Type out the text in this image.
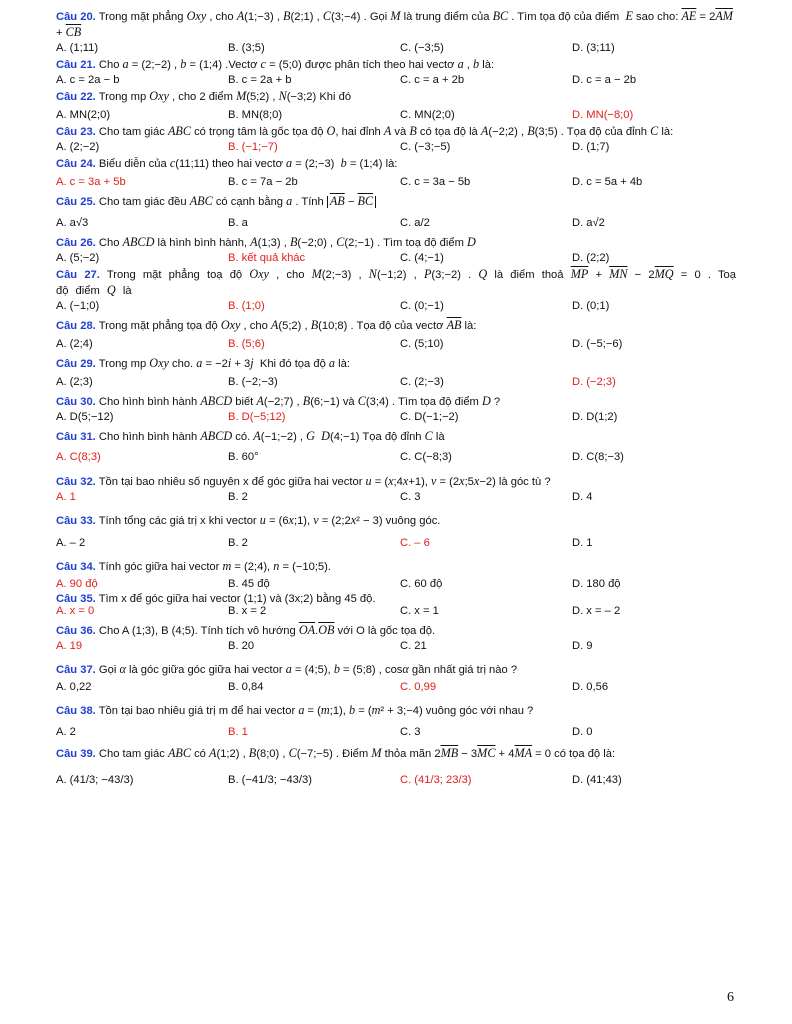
Câu 20. Trong mặt phẳng Oxy , cho A(1;−3) , B(2;1) , C(3;−4) . Gọi M là trung điểm của BC . Tìm tọa độ của điểm  E sao cho: $\overline{AE} = 2\overline{AM} + \overline{CB}$
A. (1;11)	B. (3;5)	C. (−3;5)	D. (3;11)
Câu 21. Cho a = (2;−2) , b = (1;4) .Vectơ c = (5;0) được phân tích theo hai vectơ a , b là:
A. c = 2a − b	B. c = 2a + b	C. c = a + 2b	D. c = a − 2b
Câu 22. Trong mp Oxy , cho 2 điểm M(5;2) , N(−3;2) Khi đó
A. MN(2;0)	B. MN(8;0)	C. MN(2;0)	D. MN(−8;0)
Câu 23. Cho tam giác ABC có trọng tâm là gốc tọa độ O, hai đỉnh A và B có tọa độ là A(−2;2) , B(3;5) . Tọa độ của đỉnh C là:
A. (2;−2)	B. (−1;−7)	C. (−3;−5)	D. (1;7)
Câu 24. Biểu diễn của c(11;11) theo hai vectơ a = (2;−3)  b = (1;4) là:
A. c = 3a + 5b	B. c = 7a − 2b	C. c = 3a − 5b	D. c = 5a + 4b
Câu 25. Cho tam giác đều ABC có cạnh bằng a . Tính $\overline{AB} - \overline{BC}$
A. a√3	B. a	C. a/2	D. a√2
Câu 26. Cho ABCD là hình bình hành, A(1;3) , B(−2;0) , C(2;−1) . Tìm toạ độ điểm D
A. (5;−2)	B. kết quả khác	C. (4;−1)	D. (2;2)
Câu 27. Trong mặt phẳng toạ độ Oxy , cho M(2;−3) , N(−1;2) , P(3;−2) . Q là điểm thoả $\overline{MP} + \overline{MN} - 2\overline{MQ} = 0$ . Toạ độ điểm Q là
A. (−1;0)	B. (1;0)	C. (0;−1)	D. (0;1)
Câu 28. Trong mặt phẳng tọa độ Oxy , cho A(5;2) , B(10;8) . Tọa độ của vectơ $\overline{AB}$ là:
A. (2;4)	B. (5;6)	C. (5;10)	D. (−5;−6)
Câu 29. Trong mp Oxy cho. a = −2i + 3j  Khi đó tọa độ a là:
A. (2;3)	B. (−2;−3)	C. (2;−3)	D. (−2;3)
Câu 30. Cho hình bình hành ABCD biết A(−2;7) , B(6;−1) và C(3;4) . Tìm tọa độ điểm D ?
A. D(5;−12)	B. D(−5;12)	C. D(−1;−2)	D. D(1;2)
Câu 31. Cho hình bình hành ABCD có. A(−1;−2) , G D(4;−1) Tọa độ đỉnh C là
A. C(8;3)	B. 60°	C. C(−8;3)	D. C(8;−3)
Câu 32. Tồn tại bao nhiêu số nguyên x để góc giữa hai vector u = (x;4x+1), v = (2x;5x−2) là góc tù ?
A. 1	B. 2	C. 3	D. 4
Câu 33. Tính tổng các giá trị x khi vector u = (6x;1), v = (2;2x² − 3) vuông góc.
A. – 2	B. 2	C. – 6	D. 1
Câu 34. Tính góc giữa hai vector m = (2;4), n = (−10;5).
A. 90 độ	B. 45 độ	C. 60 độ	D. 180 độ
Câu 35. Tìm x để góc giữa hai vector (1;1) và (3x;2) bằng 45 độ.
A. x = 0	B. x = 2	C. x = 1	D. x = – 2
Câu 36. Cho A (1;3), B (4;5). Tính tích vô hướng $\overline{OA}.\overline{OB}$ với O là gốc tọa độ.
A. 19	B. 20	C. 21	D. 9
Câu 37. Gọi α là góc giữa góc giữa hai vector a = (4;5), b = (5;8) , cosα gần nhất giá trị nào ?
A. 0,22	B. 0,84	C. 0,99	D. 0,56
Câu 38. Tồn tại bao nhiêu giá trị m để hai vector a = (m;1), b = (m² + 3;−4) vuông góc với nhau ?
A. 2	B. 1	C. 3	D. 0
Câu 39. Cho tam giác ABC có A(1;2) , B(8;0) , C(−7;−5) . Điểm M thỏa mãn $2\overline{MB} - 3\overline{MC} + 4\overline{MA} = 0$ có tọa độ là:
A. (41/3; −43/3)	B. (−41/3; −43/3)	C. (41/3; 23/3)	D. (41;43)
6
